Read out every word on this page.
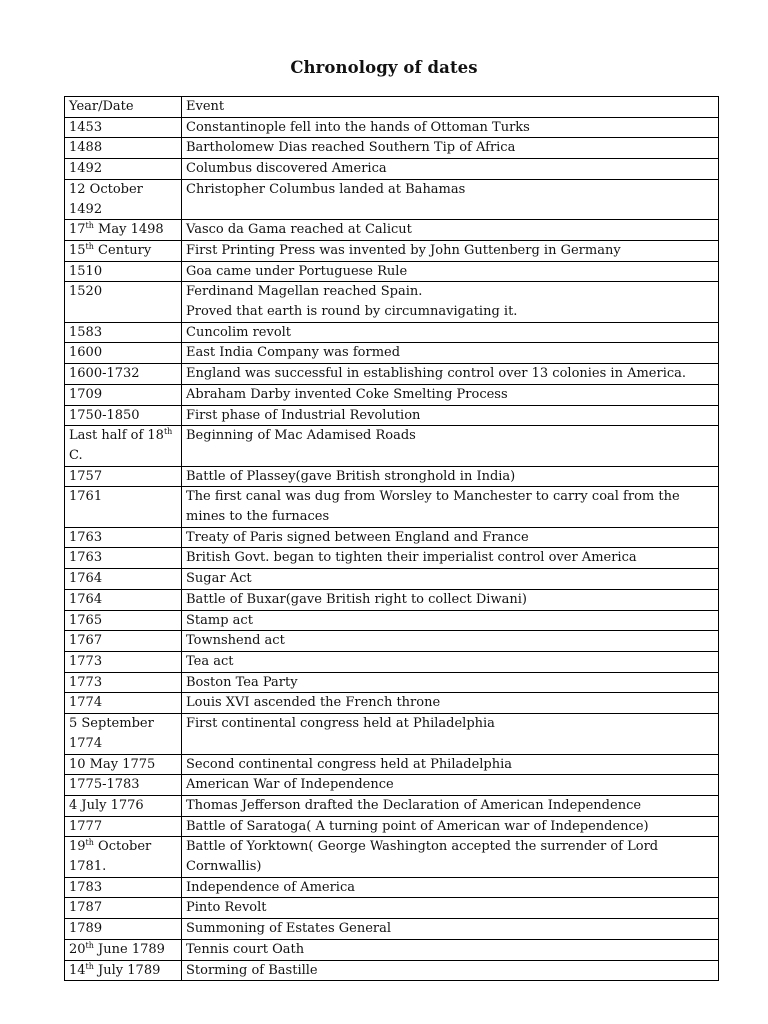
Chronology of dates
Year/Date	Event
1453	Constantinople fell into the hands of Ottoman Turks
1488	Bartholomew Dias reached Southern Tip of Africa
1492	Columbus discovered America
12 October
1492	Christopher Columbus landed at Bahamas
17th May 1498	Vasco da Gama reached at Calicut
15th Century	First Printing Press was invented by John Guttenberg in Germany
1510	Goa came under Portuguese Rule
1520	Ferdinand Magellan reached Spain.
Proved that earth is round by circumnavigating it.
1583	Cuncolim revolt
1600	East India Company was formed
1600-1732	England was successful in establishing control over 13 colonies in America.
1709	Abraham Darby invented Coke Smelting Process
1750-1850	First phase of Industrial Revolution
Last half of 18th
C.	Beginning of Mac Adamised Roads
1757	Battle of Plassey(gave British stronghold in India)
1761	The first canal was dug from Worsley to Manchester to carry coal from the
mines to the furnaces
1763	Treaty of Paris signed between England and France
1763	British Govt. began to tighten their imperialist control over America
1764	Sugar Act
1764	Battle of Buxar(gave British right to collect Diwani)
1765	Stamp act
1767	Townshend act
1773	Tea act
1773	Boston Tea Party
1774	Louis XVI ascended the French throne
5 September
1774	First continental congress held at Philadelphia
10 May 1775	Second continental congress held at Philadelphia
1775-1783	American War of Independence
4 July 1776	Thomas Jefferson drafted the Declaration of American Independence
1777	Battle of Saratoga( A turning point of American war of Independence)
19th October
1781.	Battle of Yorktown( George Washington accepted the surrender of Lord
Cornwallis)
1783	Independence of America
1787	Pinto Revolt
1789	Summoning of Estates General
20th June 1789	Tennis court Oath
14th July 1789	Storming of Bastille
